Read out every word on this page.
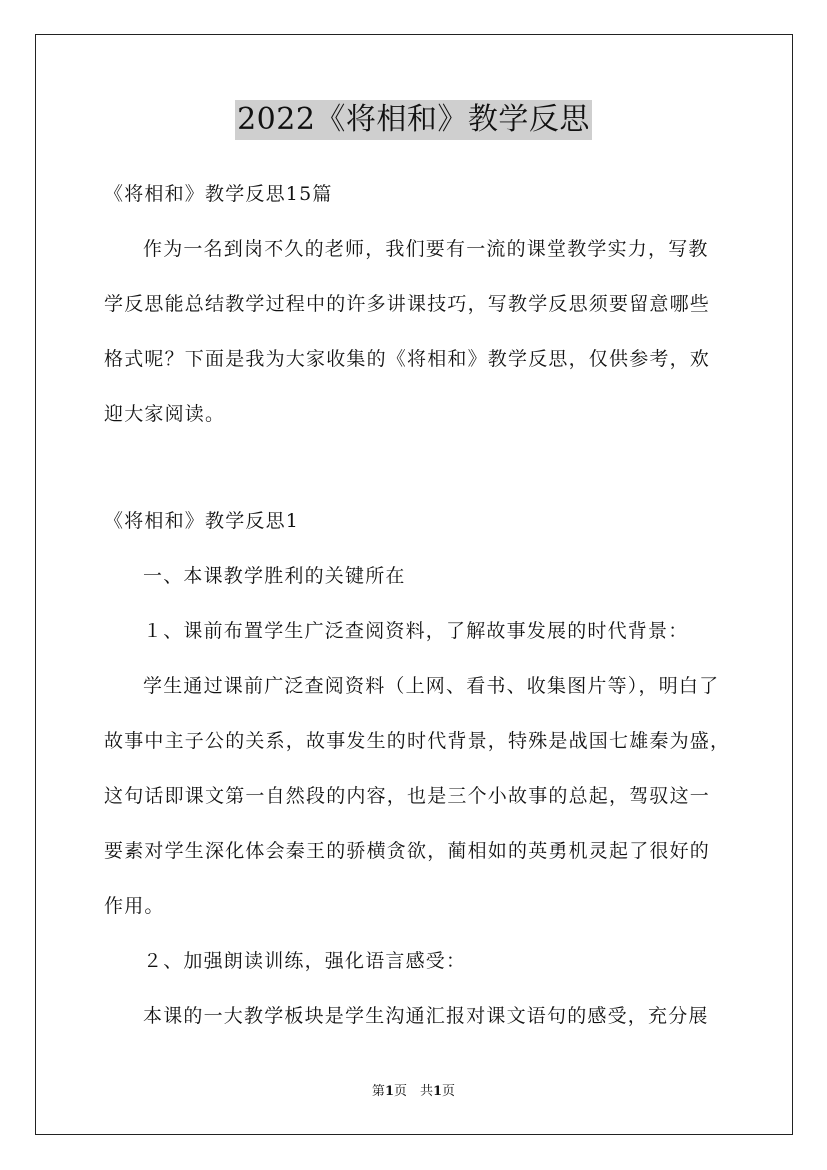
2022《将相和》教学反思
《将相和》教学反思15篇
作为一名到岗不久的老师，我们要有一流的课堂教学实力，写教
学反思能总结教学过程中的许多讲课技巧，写教学反思须要留意哪些
格式呢？下面是我为大家收集的《将相和》教学反思，仅供参考，欢
迎大家阅读。
《将相和》教学反思1
一、本课教学胜利的关键所在
１、课前布置学生广泛查阅资料，了解故事发展的时代背景：
学生通过课前广泛查阅资料（上网、看书、收集图片等），明白了
故事中主子公的关系，故事发生的时代背景，特殊是战国七雄秦为盛，
这句话即课文第一自然段的内容，也是三个小故事的总起，驾驭这一
要素对学生深化体会秦王的骄横贪欲，蔺相如的英勇机灵起了很好的
作用。
２、加强朗读训练，强化语言感受：
本课的一大教学板块是学生沟通汇报对课文语句的感受，充分展
第1页　共1页
